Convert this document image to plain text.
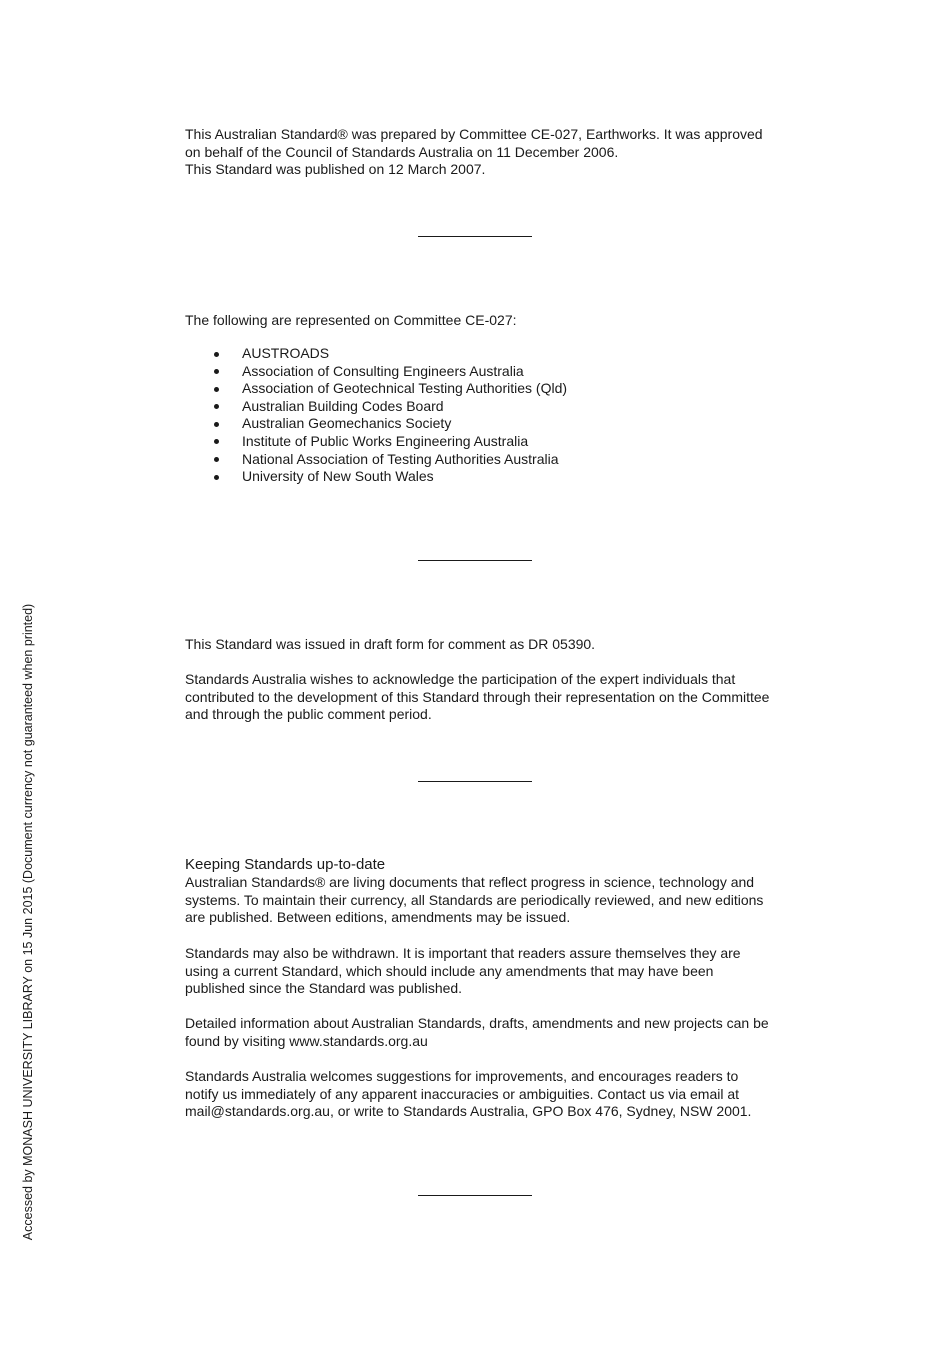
This Australian Standard® was prepared by Committee CE-027, Earthworks. It was approved on behalf of the Council of Standards Australia on 11 December 2006.
This Standard was published on 12 March 2007.

The following are represented on Committee CE-027:

AUSTROADS
Association of Consulting Engineers Australia
Association of Geotechnical Testing Authorities (Qld)
Australian Building Codes Board
Australian Geomechanics Society
Institute of Public Works Engineering Australia
National Association of Testing Authorities Australia
University of New South Wales

This Standard was issued in draft form for comment as DR 05390.

Standards Australia wishes to acknowledge the participation of the expert individuals that contributed to the development of this Standard through their representation on the Committee and through the public comment period.

Keeping Standards up-to-date

Australian Standards® are living documents that reflect progress in science, technology and systems. To maintain their currency, all Standards are periodically reviewed, and new editions are published. Between editions, amendments may be issued.

Standards may also be withdrawn. It is important that readers assure themselves they are using a current Standard, which should include any amendments that may have been published since the Standard was published.

Detailed information about Australian Standards, drafts, amendments and new projects can be found by visiting www.standards.org.au

Standards Australia welcomes suggestions for improvements, and encourages readers to notify us immediately of any apparent inaccuracies or ambiguities. Contact us via email at mail@standards.org.au, or write to Standards Australia, GPO Box 476, Sydney, NSW 2001.

Accessed by MONASH UNIVERSITY LIBRARY on 15 Jun 2015 (Document currency not guaranteed when printed)
